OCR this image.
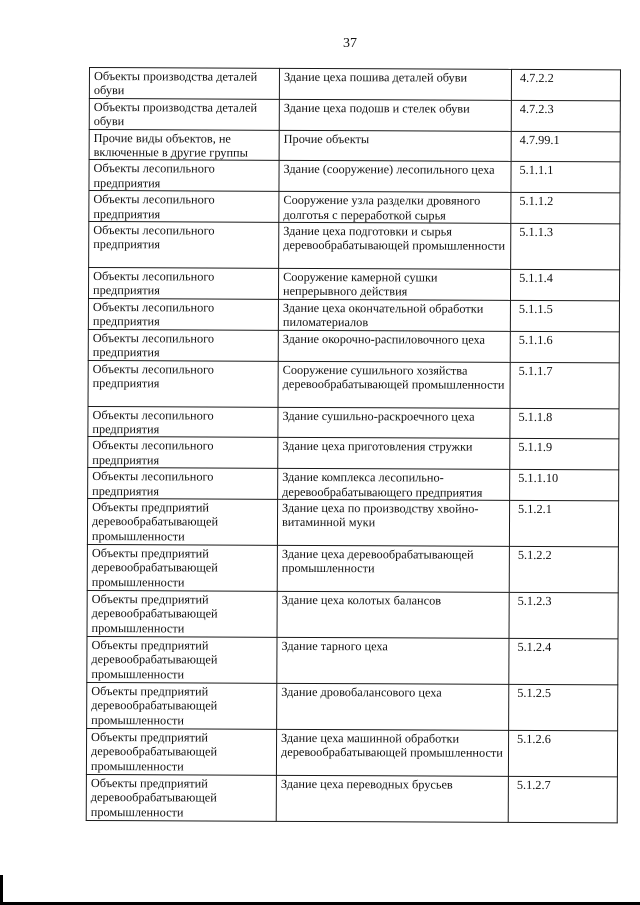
37
Объекты производства деталей обуви	Здание цеха пошива деталей обуви	4.7.2.2
Объекты производства деталей обуви	Здание цеха подошв и стелек обуви	4.7.2.3
Прочие виды объектов, не включенные в другие группы	Прочие объекты	4.7.99.1
Объекты лесопильного предприятия	Здание (сооружение) лесопильного цеха	5.1.1.1
Объекты лесопильного предприятия	Сооружение узла разделки дровяного долготья с переработкой сырья	5.1.1.2
Объекты лесопильного предприятия	Здание цеха подготовки и сырья деревообрабатывающей промышленности	5.1.1.3
Объекты лесопильного предприятия	Сооружение камерной сушки непрерывного действия	5.1.1.4
Объекты лесопильного предприятия	Здание цеха окончательной обработки пиломатериалов	5.1.1.5
Объекты лесопильного предприятия	Здание окорочно-распиловочного цеха	5.1.1.6
Объекты лесопильного предприятия	Сооружение сушильного хозяйства деревообрабатывающей промышленности	5.1.1.7
Объекты лесопильного предприятия	Здание сушильно-раскроечного цеха	5.1.1.8
Объекты лесопильного предприятия	Здание цеха приготовления стружки	5.1.1.9
Объекты лесопильного предприятия	Здание комплекса лесопильно-деревообрабатывающего предприятия	5.1.1.10
Объекты предприятий деревообрабатывающей промышленности	Здание цеха по производству хвойно-витаминной муки	5.1.2.1
Объекты предприятий деревообрабатывающей промышленности	Здание цеха деревообрабатывающей промышленности	5.1.2.2
Объекты предприятий деревообрабатывающей промышленности	Здание цеха колотых балансов	5.1.2.3
Объекты предприятий деревообрабатывающей промышленности	Здание тарного цеха	5.1.2.4
Объекты предприятий деревообрабатывающей промышленности	Здание дровобалансового цеха	5.1.2.5
Объекты предприятий деревообрабатывающей промышленности	Здание цеха машинной обработки деревообрабатывающей промышленности	5.1.2.6
Объекты предприятий деревообрабатывающей промышленности	Здание цеха переводных брусьев	5.1.2.7
